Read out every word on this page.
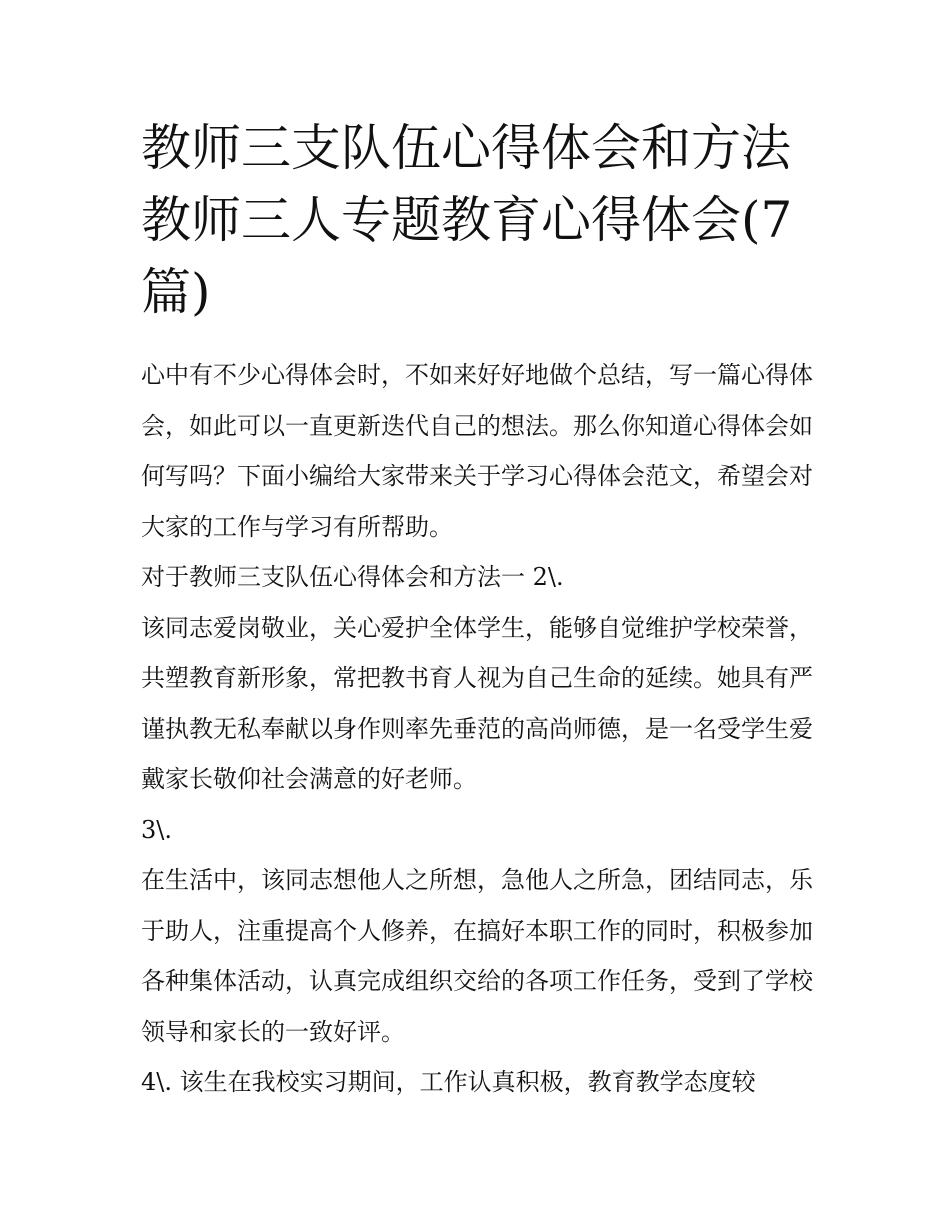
教师三支队伍心得体会和方法
教师三人专题教育心得体会(7
篇)

心中有不少心得体会时，不如来好好地做个总结，写一篇心得体会，如此可以一直更新迭代自己的想法。那么你知道心得体会如何写吗？下面小编给大家带来关于学习心得体会范文，希望会对大家的工作与学习有所帮助。

对于教师三支队伍心得体会和方法一 2\.

该同志爱岗敬业，关心爱护全体学生，能够自觉维护学校荣誉，共塑教育新形象，常把教书育人视为自己生命的延续。她具有严谨执教无私奉献以身作则率先垂范的高尚师德，是一名受学生爱戴家长敬仰社会满意的好老师。

3\.

在生活中，该同志想他人之所想，急他人之所急，团结同志，乐于助人，注重提高个人修养，在搞好本职工作的同时，积极参加各种集体活动，认真完成组织交给的各项工作任务，受到了学校领导和家长的一致好评。

4\. 该生在我校实习期间，工作认真积极，教育教学态度较
